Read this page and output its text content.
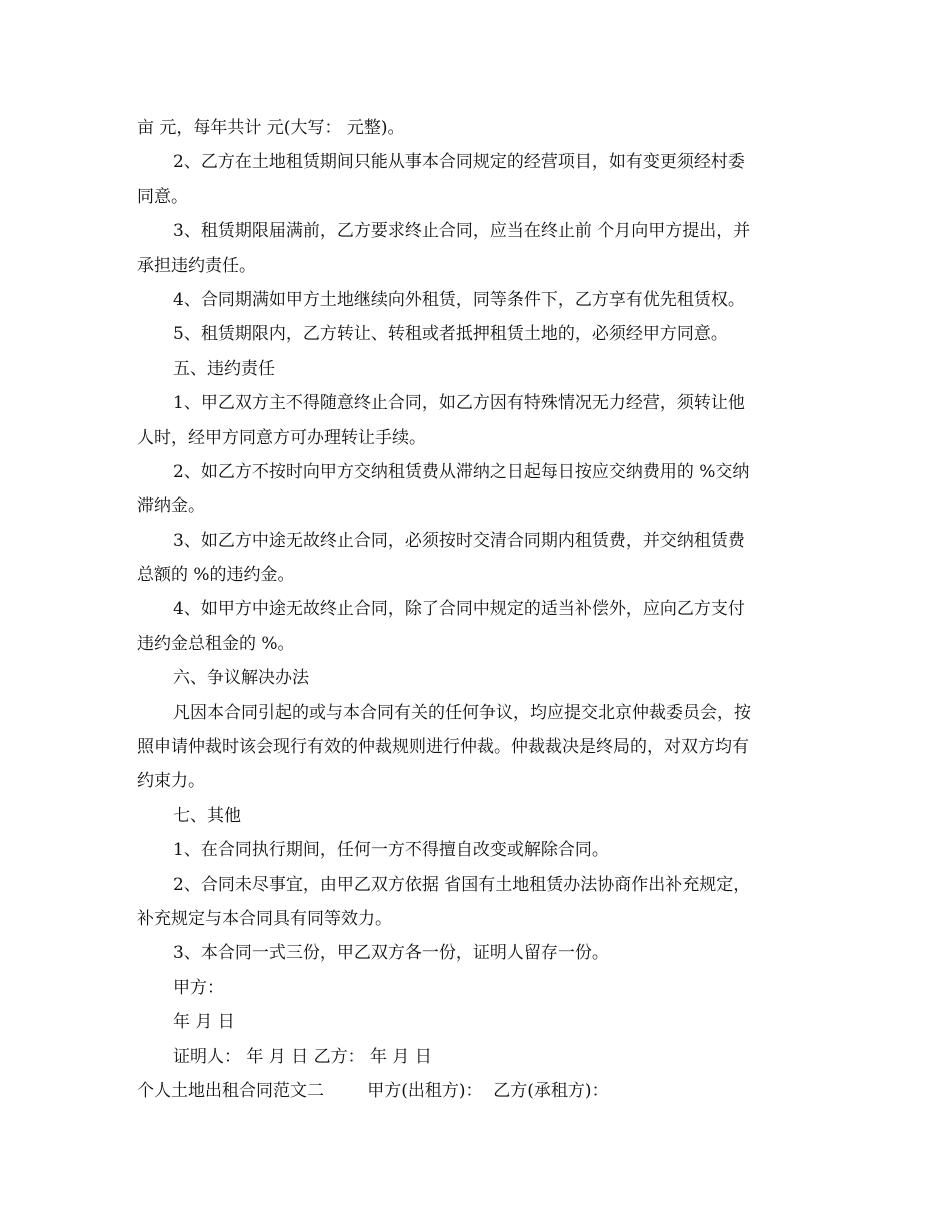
亩 元，每年共计 元(大写： 元整)。
2、乙方在土地租赁期间只能从事本合同规定的经营项目，如有变更须经村委
同意。
3、租赁期限届满前，乙方要求终止合同，应当在终止前 个月向甲方提出，并
承担违约责任。
4、合同期满如甲方土地继续向外租赁，同等条件下，乙方享有优先租赁权。
5、租赁期限内，乙方转让、转租或者抵押租赁土地的，必须经甲方同意。
五、违约责任
1、甲乙双方主不得随意终止合同，如乙方因有特殊情况无力经营，须转让他
人时，经甲方同意方可办理转让手续。
2、如乙方不按时向甲方交纳租赁费从滞纳之日起每日按应交纳费用的 %交纳
滞纳金。
3、如乙方中途无故终止合同，必须按时交清合同期内租赁费，并交纳租赁费
总额的 %的违约金。
4、如甲方中途无故终止合同，除了合同中规定的适当补偿外，应向乙方支付
违约金总租金的 %。
六、争议解决办法
凡因本合同引起的或与本合同有关的任何争议，均应提交北京仲裁委员会，按
照申请仲裁时该会现行有效的仲裁规则进行仲裁。仲裁裁决是终局的，对双方均有
约束力。
七、其他
1、在合同执行期间，任何一方不得擅自改变或解除合同。
2、合同未尽事宜，由甲乙双方依据 省国有土地租赁办法协商作出补充规定，
补充规定与本合同具有同等效力。
3、本合同一式三份，甲乙双方各一份，证明人留存一份。
甲方：
年 月 日
证明人： 年 月 日 乙方： 年 月 日
个人土地出租合同范文二        甲方(出租方)：  乙方(承租方)：
